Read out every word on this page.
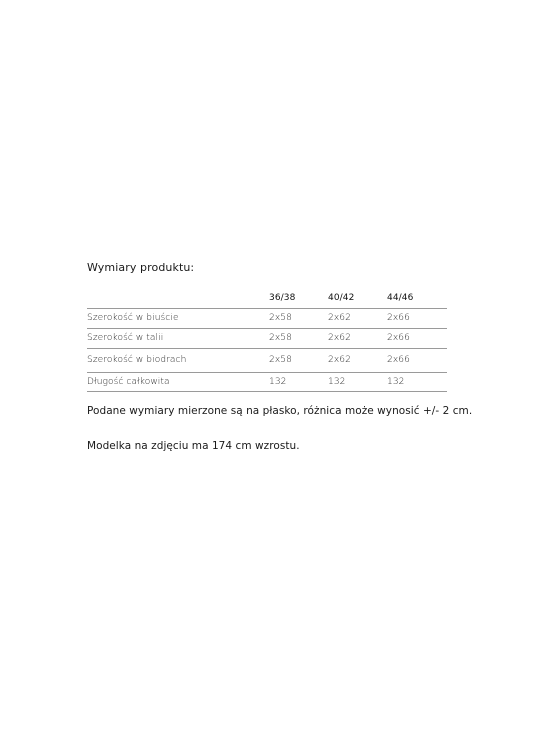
Wymiary produktu:
	36/38	40/42	44/46
Szerokość w biuście	2x58	2x62	2x66
Szerokość w talii	2x58	2x62	2x66
Szerokość w biodrach	2x58	2x62	2x66
Długość całkowita	132	132	132
Podane wymiary mierzone są na płasko, różnica może wynosić +/- 2 cm.
Modelka na zdjęciu ma 174 cm wzrostu.
